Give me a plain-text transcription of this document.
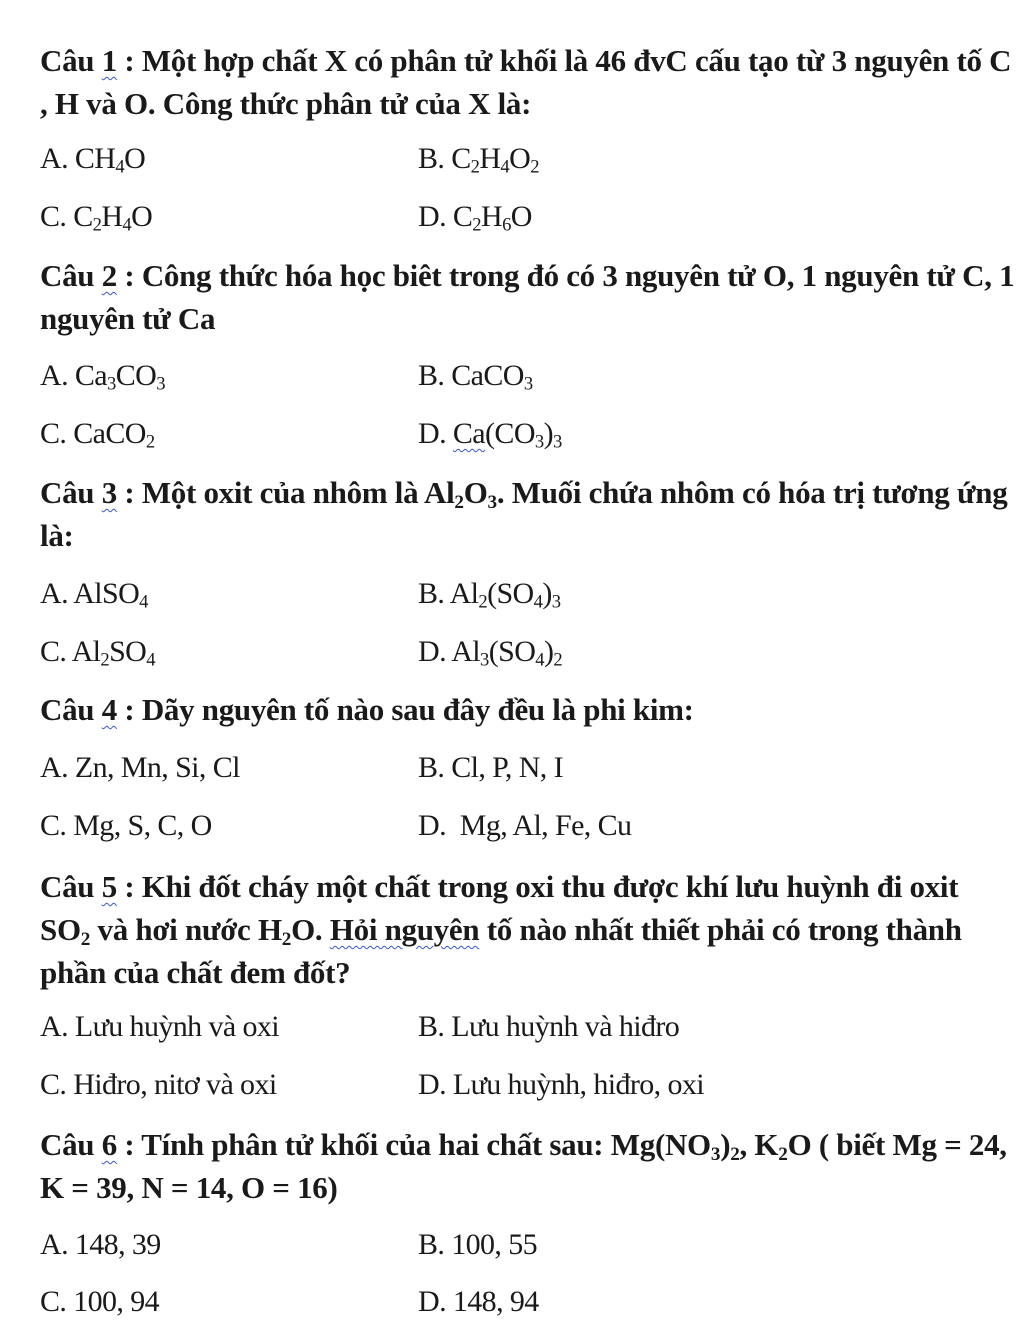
Câu 1 : Một hợp chất X có phân tử khối là 46 đvC cấu tạo từ 3 nguyên tố C , H và O. Công thức phân tử của X là:
A. $CH_4O$	B. $C_2H_4O_2$
C. $C_2H_4O$	D. $C_2H_6O$
Câu 2 : Công thức hóa học biêt trong đó có 3 nguyên tử O, 1 nguyên tử C, 1 nguyên tử Ca
A. $Ca_3CO_3$	B. CaCO$_3$
C. CaCO$_2$	D. $Ca(CO_3)_3$
Câu 3 : Một oxit của nhôm là $Al_2O_3$. Muối chứa nhôm có hóa trị tương ứng là:
A. AlSO$_4$	B. $Al_2(SO_4)_3$
C. $Al_2SO_4$	D. $Al_3(SO_4)_2$
Câu 4 : Dãy nguyên tố nào sau đây đều là phi kim:
A. Zn, Mn, Si, Cl	B. Cl, P, N, I
C. Mg, S, C, O	D.  Mg, Al, Fe, Cu
Câu 5 : Khi đốt cháy một chất trong oxi thu được khí lưu huỳnh đi oxit $SO_2$ và hơi nước $H_2O$. Hỏi nguyên tố nào nhất thiết phải có trong thành phần của chất đem đốt?
A. Lưu huỳnh và oxi	B. Lưu huỳnh và hiđro
C. Hiđro, nitơ và oxi	D. Lưu huỳnh, hiđro, oxi
Câu 6 : Tính phân tử khối của hai chất sau: $Mg(NO_3)_2$, $K_2O$ ( biết Mg = 24, K = 39, N = 14, O = 16)
A. 148, 39	B. 100, 55
C. 100, 94	D. 148, 94
